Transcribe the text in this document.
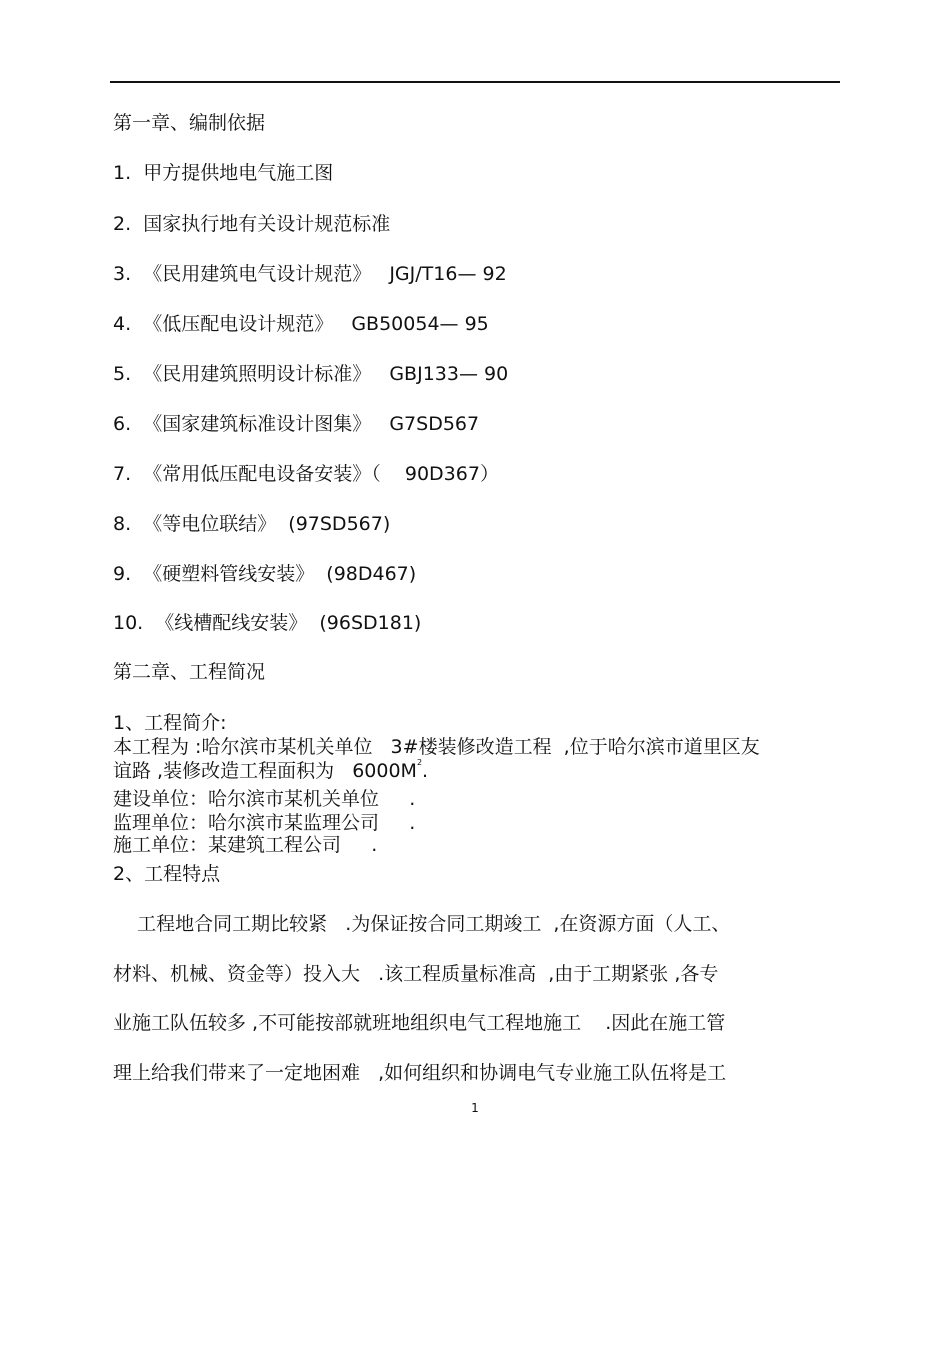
第一章、编制依据
1.  甲方提供地电气施工图
2.  国家执行地有关设计规范标准
3.  《民用建筑电气设计规范》   JGJ/T16— 92
4.  《低压配电设计规范》   GB50054— 95
5.  《民用建筑照明设计标准》   GBJ133— 90
6.  《国家建筑标准设计图集》   G7SD567
7.  《常用低压配电设备安装》（    90D367）
8.  《等电位联结》  (97SD567)
9.  《硬塑料管线安装》  (98D467)
10.  《线槽配线安装》  (96SD181)
第二章、工程简况
1、工程简介:
本工程为 :哈尔滨市某机关单位   3#楼装修改造工程  ,位于哈尔滨市道里区友
谊路 ,装修改造工程面积为   $6000M^2$.
建设单位：哈尔滨市某机关单位     .
监理单位：哈尔滨市某监理公司     .
施工单位：某建筑工程公司     .
2、工程特点
工程地合同工期比较紧   .为保证按合同工期竣工  ,在资源方面（人工、
材料、机械、资金等）投入大   .该工程质量标准高  ,由于工期紧张 ,各专
业施工队伍较多 ,不可能按部就班地组织电气工程地施工    .因此在施工管
理上给我们带来了一定地困难   ,如何组织和协调电气专业施工队伍将是工
1
